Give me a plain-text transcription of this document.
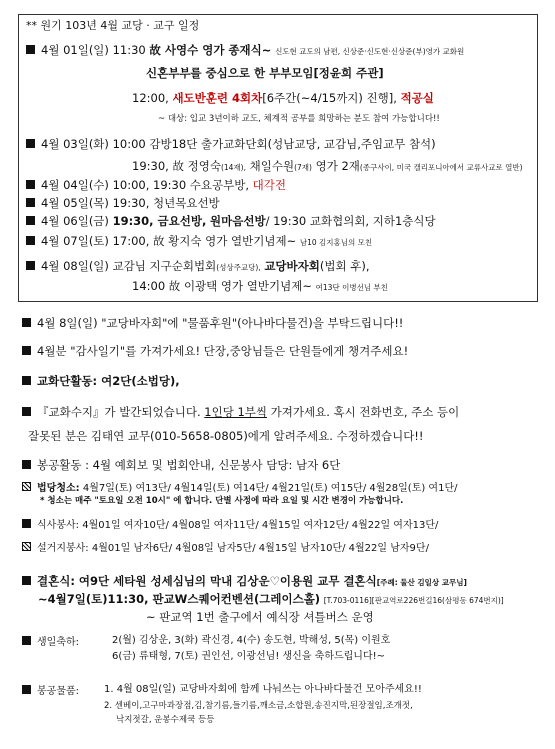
** 원기 103년 4월 교당 · 교구 일정
4월 01일(일) 11:30 故 사영수 영가 종재식~ 신도현 교도의 남편, 신상준·신도현·신상준(부)영가 교화원
신혼부부를 중심으로 한 부부모임[정윤희 주관]
12:00, 새도반훈련 4회차[6주간(~4/15까지) 진행], 적공실
~ 대상: 입교 3년이하 교도, 체계적 공부를 희망하는 분도 참여 가능합니다!!
4월 03일(화) 10:00 감방18단 출가교화단회(성남교당, 교감님,주임교무 참석)
19:30, 故 정영숙(14재), 채일수원(7재) 영가 2재(종구사이, 미국 캘리포니아에서 교류사교로 열반)
4월 04일(수) 10:00, 19:30 수요공부방, 대각전
4월 05일(목) 19:30, 청년목요선방
4월 06일(금) 19:30, 금요선방, 원마음선방/ 19:30 교화협의회, 지하1층식당
4월 07일(토) 17:00, 故 황지숙 영가 열반기념제~ 남10 김지홍님의 모친
4월 08일(일) 교감님 지구순회법회(성상주교당), 교당바자회(법회 후),
14:00 故 이광택 영가 열반기념제~ 여13단 이병선님 부친
4월 8일(일) "교당바자회"에 "물품후원"(아나바다물건)을 부탁드립니다!!
4월분 "감사일기"를 가져가세요! 단장,중앙님들은 단원들에게 챙겨주세요!
교화단활동: 여2단(소법당),
『교화수지』가 발간되었습니다. 1인당 1부씩 가져가세요. 혹시 전화번호, 주소 등이
잘못된 분은 김태연 교무(010-5658-0805)에게 알려주세요. 수정하겠습니다!!
봉공활동 : 4월 예회보 및 법회안내, 신문봉사 담당: 남자 6단
법당청소: 4월7일(토) 여13단/ 4월14일(토) 여14단/ 4월21일(토) 여15단/ 4월28일(토) 여1단/
* 청소는 매주 "토요일 오전 10시" 에 합니다. 단별 사정에 따라 요일 및 시간 변경이 가능합니다.
식사봉사: 4월01일 여자10단/ 4월08일 여자11단/ 4월15일 여자12단/ 4월22일 여자13단/
설거지봉사: 4월01일 남자6단/ 4월08일 남자5단/ 4월15일 남자10단/ 4월22일 남자9단/
결혼식: 여9단 세타원 성세심님의 막내 김상운♡이용원 교무 결혼식[주례: 둘산 김일상 교무님]
~4월7일(토)11:30, 판교W스퀘어컨벤션(그레이스홀) [T.703-0116][판교역로226번길16(삼평동 674번지)]
~ 판교역 1번 출구에서 예식장 셔틀버스 운영
생일축하:	2(월) 김상운, 3(화) 곽신경, 4(수) 송도현, 박해성, 5(목) 이원호
6(금) 류태형, 7(토) 권인선, 이광선님! 생신을 축하드립니다!~
봉공물품: 1. 4월 08일(일) 교당바자회에 함께 나눠쓰는 아나바다물건 모아주세요!!
2. 센베이,고구마과장점,김,참기름,들기름,깨소금,소합원,송진지막,된장절임,조개젓,
낙지젓갈, 운봉수제쿡 등등
